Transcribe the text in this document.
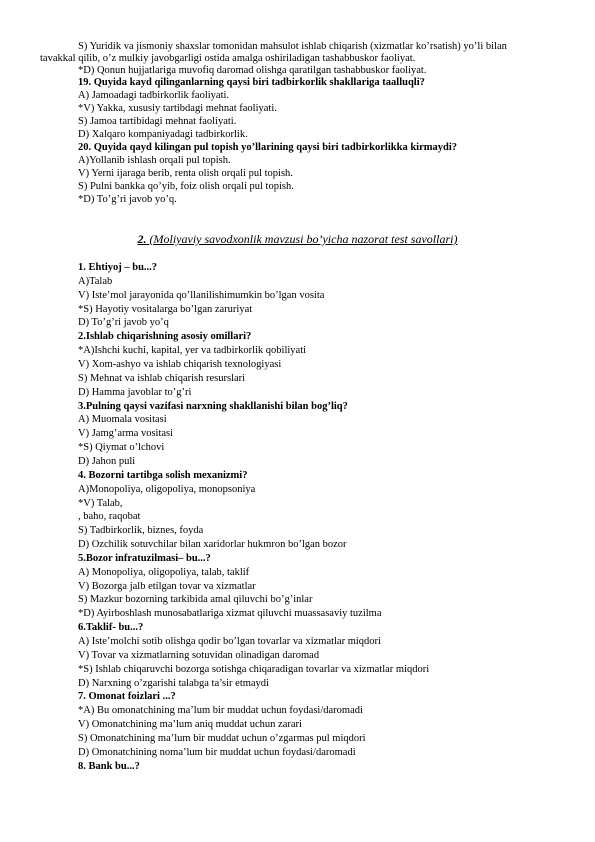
S) Yuridik va jismoniy shaxslar tomonidan mahsulot ishlab chiqarish (xizmatlar ko’rsatish) yo’li bilan
tavakkal qilib, o’z mulkiy javobgarligi ostida amalga oshiriladigan tashabbuskor faoliyat.
*D) Qonun hujjatlariga muvofiq daromad olishga qaratilgan tashabbuskor faoliyat.
19. Quyida kayd qilinganlarning qaysi biri tadbirkorlik shakllariga taalluqli?
A) Jamoadagi tadbirkorlik faoliyati.
*V) Yakka, xususiy tartibdagi mehnat faoliyati.
S) Jamoa tartibidagi mehnat faoliyati.
D) Xalqaro kompaniyadagi tadbirkorlik.
20. Quyida qayd kilingan pul topish yo’llarining qaysi biri tadbirkorlikka kirmaydi?
A)Yollanib ishlash orqali pul topish.
V) Yerni ijaraga berib, renta olish orqali pul topish.
S) Pulni bankka qo’yib, foiz olish orqali pul topish.
*D) To’g’ri javob yo’q.
2. (Moliyaviy savodxonlik mavzusi bo’yicha nazorat test savollari)
1. Ehtiyoj – bu...?
A)Talab
V) Iste’mol jarayonida qo’llanilishimumkin bo’lgan vosita
*S) Hayotiy vositalarga bo’lgan zaruriyat
D) To’g’ri javob yo’q
2.Ishlab chiqarishning asosiy omillari?
*A)Ishchi kuchi, kapital, yer va tadbirkorlik qobiliyati
V) Xom-ashyo va ishlab chiqarish texnologiyasi
S) Mehnat va ishlab chiqarish resurslari
D) Hamma javoblar to’g’ri
3.Pulning qaysi vazifasi narxning shakllanishi bilan bog’liq?
A) Muomala vositasi
V) Jamg’arma vositasi
*S) Qiymat o’lchovi
D) Jahon puli
4. Bozorni tartibga solish mexanizmi?
A)Monopoliya, oligopoliya, monopsoniya
*V) Talab,
, baho, raqobat
S) Tadbirkorlik, biznes, foyda
D) Ozchilik sotuvchilar bilan xaridorlar hukmron bo’lgan bozor
5.Bozor infratuzilmasi– bu...?
A) Monopoliya, oligopoliya, talab, taklif
V) Bozorga jalb etilgan tovar va xizmatlar
S) Mazkur bozorning tarkibida amal qiluvchi bo’g’inlar
*D) Ayirboshlash munosabatlariga xizmat qiluvchi muassasaviy tuzilma
6.Taklif- bu...?
A) Iste’molchi sotib olishga qodir bo’lgan tovarlar va xizmatlar miqdori
V) Tovar va xizmatlarning sotuvidan olinadigan daromad
*S) Ishlab chiqaruvchi bozorga sotishga chiqaradigan tovarlar va xizmatlar miqdori
D) Narxning o’zgarishi talabga ta’sir etmaydi
7. Omonat foizlari ...?
*A) Bu omonatchining ma’lum bir muddat uchun foydasi/daromadi
V) Omonatchining ma’lum aniq muddat uchun zarari
S) Omonatchining ma’lum bir muddat uchun o’zgarmas pul miqdori
D) Omonatchining noma’lum bir muddat uchun foydasi/daromadi
8. Bank bu...?
